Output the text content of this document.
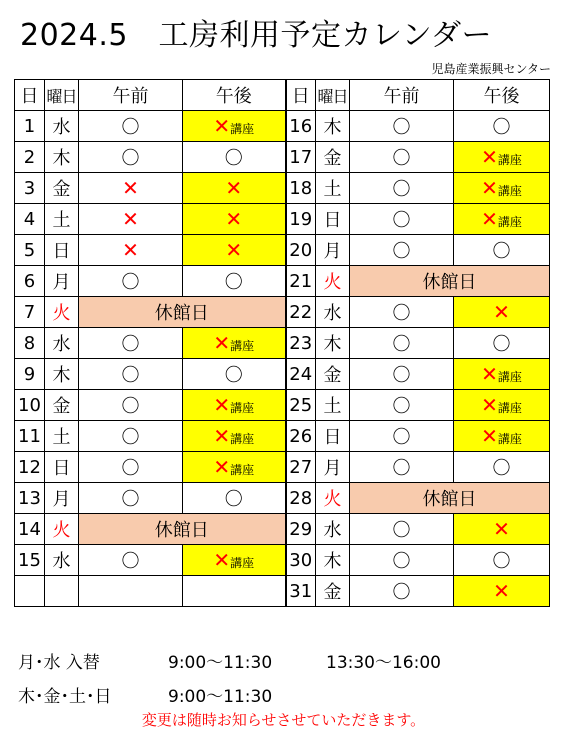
2024.5　工房利用予定カレンダー
児島産業振興センター
日	曜日	午前	午後	日	曜日	午前	午後
1	水	〇	✕講座	16	木	〇	〇
2	木	〇	〇	17	金	〇	✕講座
3	金	✕	✕	18	土	〇	✕講座
4	土	✕	✕	19	日	〇	✕講座
5	日	✕	✕	20	月	〇	〇
6	月	〇	〇	21	火	休館日	
7	火	休館日		22	水	〇	✕
8	水	〇	✕講座	23	木	〇	〇
9	木	〇	〇	24	金	〇	✕講座
10	金	〇	✕講座	25	土	〇	✕講座
11	土	〇	✕講座	26	日	〇	✕講座
12	日	〇	✕講座	27	月	〇	〇
13	月	〇	〇	28	火	休館日	
14	火	休館日		29	水	〇	✕
15	水	〇	✕講座	30	木	〇	〇
				31	金	〇	✕
月･水 入替	9:00～11:30	13:30～16:00
木･金･土･日	9:00～11:30
変更は随時お知らせさせていただきます。
